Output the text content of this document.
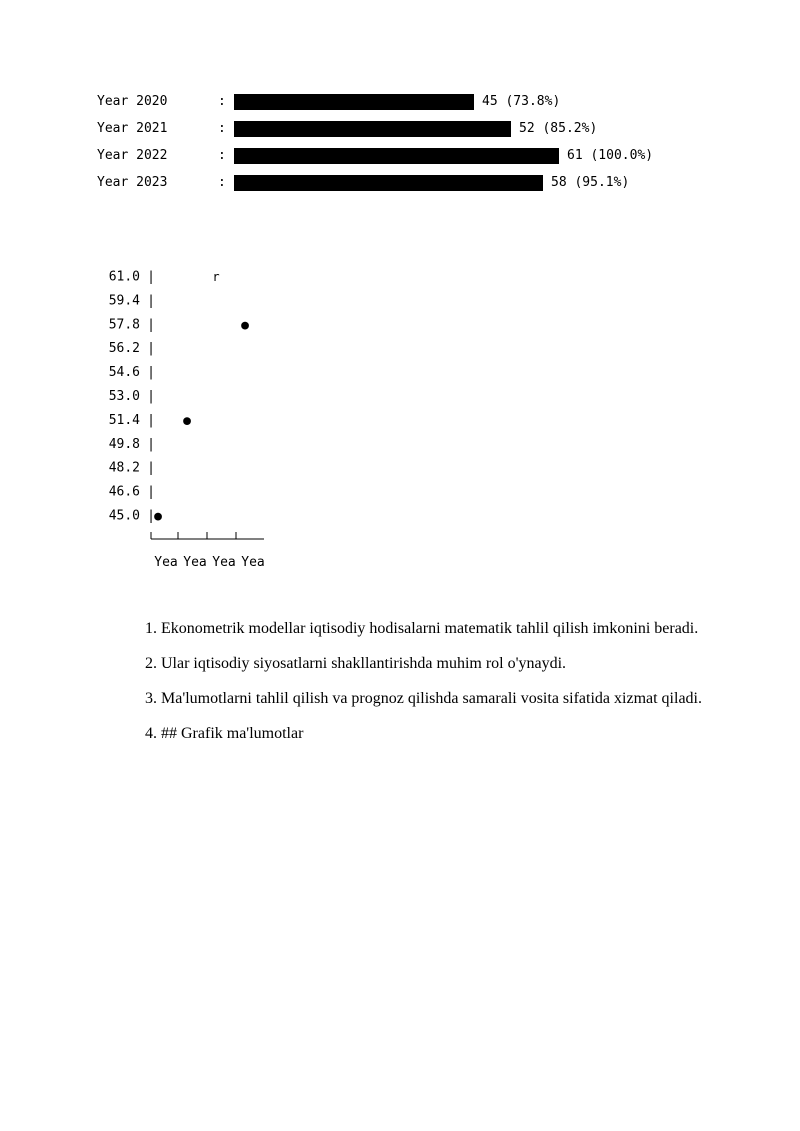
Year 2020	:	45 (73.8%)
Year 2021	:	52 (85.2%)
Year 2022	:	61 (100.0%)
Year 2023	:	58 (95.1%)
61.0 |
59.4 |
57.8 |
56.2 |
54.6 |
53.0 |
51.4 |
49.8 |
48.2 |
46.6 |
45.0 |
Yea Yea Yea Yea
●
●
r
●

1. Ekonometrik modellar iqtisodiy hodisalarni matematik tahlil qilish imkonini beradi.

2. Ular iqtisodiy siyosatlarni shakllantirishda muhim rol o'ynaydi.

3. Ma'lumotlarni tahlil qilish va prognoz qilishda samarali vosita sifatida xizmat qiladi.

4. ## Grafik ma'lumotlar
